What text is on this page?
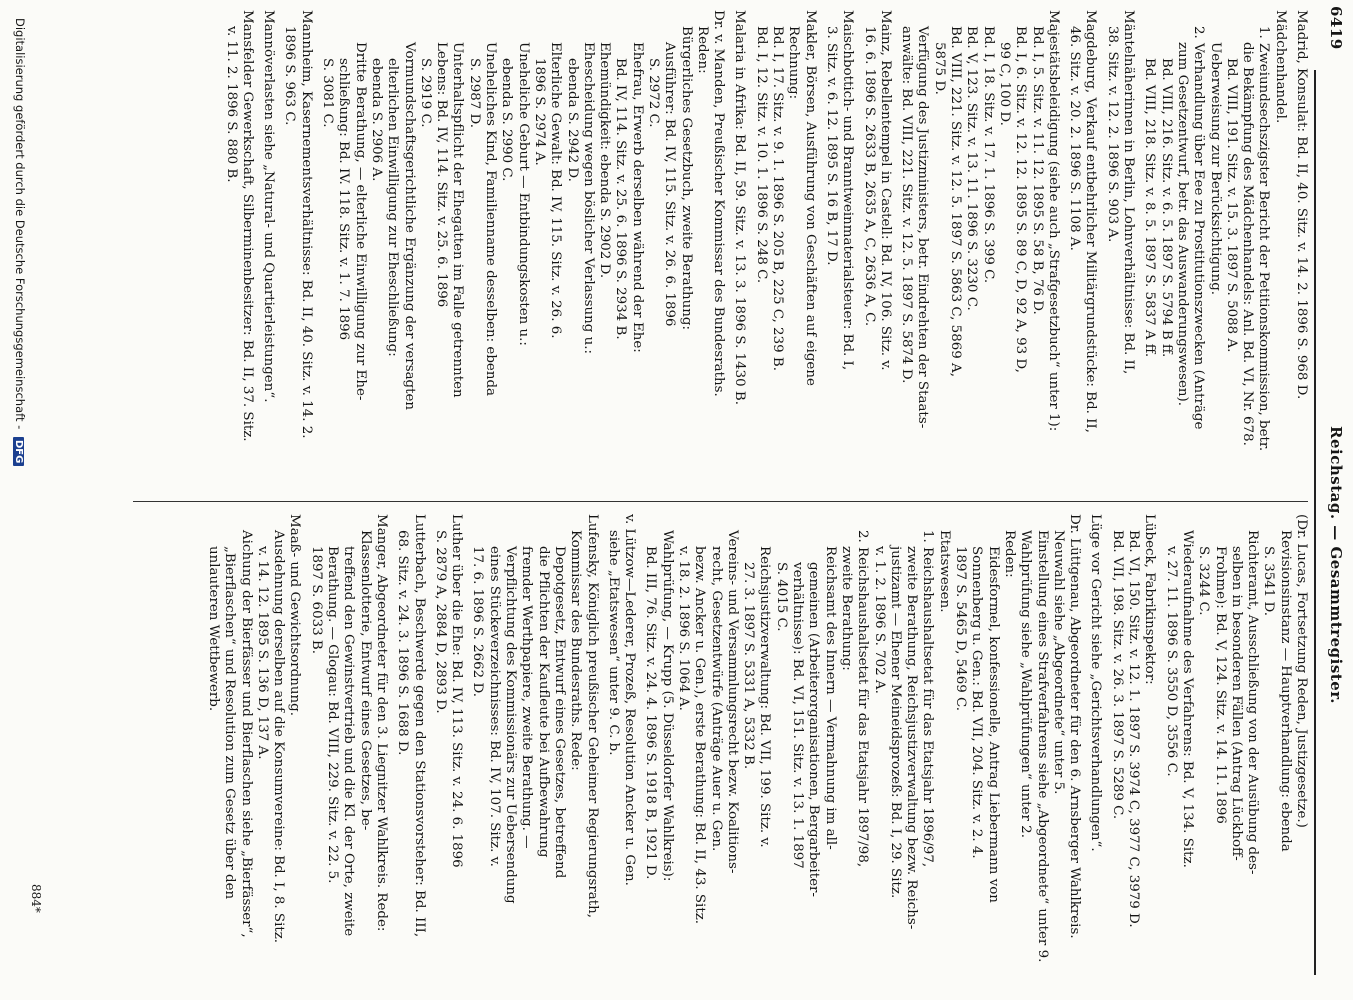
6419
Reichstag. — Gesammtregister.
Madrid, Konsulat: Bd. II, 40. Sitz. v. 14. 2. 1896 S. 968 D.
Mädchenhandel.
1. Zweiundsechszigster Bericht der Petitionskommission, betr.
die Bekämpfung des Mädchenhandels: Anl. Bd. VI, Nr. 678.
Bd. VIII, 191. Sitz. v. 15. 3. 1897 S. 5088 A.
Ueberweisung zur Berücksichtigung.
2. Verhandlung über Eee zu Prostitutionszwecken (Anträge
zum Gesetzentwurf, betr. das Auswanderungswesen).
Bd. VIII, 216. Sitz. v. 6. 5. 1897 S. 5794 B ff.
Bd. VIII, 218. Sitz. v. 8. 5. 1897 S. 5837 A ff.
Mäntelnäherinnen in Berlin, Lohnverhältnisse: Bd. II,
38. Sitz. v. 12. 2. 1896 S. 903 A.
Magdeburg, Verkauf entbehrlicher Militärgrundstücke: Bd. II,
46. Sitz. v. 20. 2. 1896 S. 1108 A.
Majestätsbeleidigung (siehe auch „Strafgesetzbuch“ unter 1):
Bd. I, 5. Sitz. v. 11. 12. 1895 S. 58 B, 76 D.
Bd. I, 6. Sitz. v. 12. 12. 1895 S. 89 C, D, 92 A, 93 D,
99 C, 100 D.
Bd. I, 18. Sitz. v. 17. 1. 1896 S. 399 C.
Bd. V, 123. Sitz. v. 13. 11. 1896 S. 3230 C.
Bd. VIII, 221. Sitz. v. 12. 5. 1897 S. 5863 C, 5869 A,
5875 D.
Verfügung des Justizministers, betr. Eindrehten der Staats-
anwälte: Bd. VIII, 221. Sitz. v. 12. 5. 1897 S. 5874 D.
Mainz, Rebellentempel in Castell: Bd. IV, 106. Sitz. v.
16. 6. 1896 S. 2633 B, 2635 A, C, 2636 A, C.
Maischbottich- und Branntweinmaterialsteuer: Bd. I,
3. Sitz. v. 6. 12. 1895 S. 16 B, 17 D.
Makler, Börsen, Ausführung von Geschäften auf eigene
Rechnung:
Bd. I, 17. Sitz. v. 9. 1. 1896 S. 205 B, 225 C, 239 B.
Bd. I, 12. Sitz. v. 10. 1. 1896 S. 248 C.
Malaria in Afrika: Bd. II, 59. Sitz. v. 13. 3. 1896 S. 1430 B.
Dr. v. Manden, Preußischer Kommissar des Bundesraths.
Reden:
Bürgerliches Gesetzbuch, zweite Berathung:
Ausführer: Bd. IV, 115. Sitz. v. 26. 6. 1896
S. 2972 C.
Ehefrau, Erwerb derselben während der Ehe:
Bd. IV, 114. Sitz. v. 25. 6. 1896 S. 2934 B.
Ehemündigkeit: ebenda S. 2902 D.
Ehescheidung wegen böslicher Verlassung u.:
ebenda S. 2942 D.
Elterliche Gewalt: Bd. IV, 115. Sitz. v. 26. 6.
1896 S. 2974 A.
Uneheliche Geburt — Entbindungskosten u.:
ebenda S. 2990 C.
Uneheliches Kind, Familienname desselben: ebenda
S. 2987 D.
Unterhaltspflicht der Ehegatten im Falle getrennten
Lebens: Bd. IV, 114. Sitz. v. 25. 6. 1896
S. 2919 C.
Vormundschaftsgerichtliche Ergänzung der versagten
elterlichen Einwilligung zur Eheschließung:
ebenda S. 2906 A.
Dritte Berathung, — elterliche Einwilligung zur Ehe-
schließung: Bd. IV. 118. Sitz. v. 1. 7. 1896
S. 3081 C.
Mannheim, Kasernementsverhältnisse: Bd. II, 40. Sitz. v. 14. 2.
1896 S. 963 C.
Mannöverlasten siehe „Natural- und Quartierleistungen“.
Mansfelder Gewerkschaft, Silberminenbesitzer: Bd. II, 37. Sitz.
v. 11. 2. 1896 S. 880 B.
(Dr. Lucas, Fortsetzung Reden, Justizgesetze.)
Revisionsinstanz — Hauptverhandlung: ebenda
S. 3541 D.
Richteramt, Ausschließung von der Ausübung des-
selben in besonderen Fällen (Antrag Lückhoff-
Frohme): Bd. V, 124. Sitz. v. 14. 11. 1896
S. 3244 C.
Wiederaufnahme des Verfahrens: Bd. V, 134. Sitz.
v. 27. 11. 1896 S. 3550 D, 3556 C.
Lübeck, Fabrikinspektor:
Bd. VI, 150. Sitz. v. 12. 1. 1897 S. 3974 C, 3977 C, 3979 D.
Bd. VII, 198. Sitz. v. 26. 3. 1897 S. 5289 C.
Lüge vor Gericht siehe „Gerichtsverhandlungen“.
Dr. Lüttgenau, Abgeordneter für den 6. Arnsberger Wahlkreis.
Neuwahl siehe „Abgeordnete“ unter 5.
Einstellung eines Strafverfahrens siehe „Abgeordnete“ unter 9.
Wahlprüfung siehe „Wahlprüfungen“ unter 2.
Reden:
Eidesformel, konfessionelle, Antrag Liebermann von
Sonnenberg u. Gen.: Bd. VII, 204. Sitz. v. 2. 4.
1897 S. 5465 D, 5469 C.
Etatswesen.
1. Reichshaushaltsetat für das Etatsjahr 1896/97,
zweite Berathung, Reichsjustizverwaltung bezw. Reichs-
justizamt — Ehener Meineidsprozeß: Bd. I, 29. Sitz.
v. 1. 2. 1896 S. 702 A.
2. Reichshaushaltsetat für das Etatsjahr 1897/98,
zweite Berathung:
Reichsamt des Innern — Vermahnung im all-
gemeinen (Arbeiterorganisationen, Bergarbeiter-
verhältnisse): Bd. VI, 151. Sitz. v. 13. 1. 1897
S. 4015 C.
Reichsjustizverwaltung: Bd. VII, 199. Sitz. v.
27. 3. 1897 S. 5331 A, 5332 B.
Vereins- und Versammlungsrecht bezw. Koalitions-
recht, Gesetzentwürfe (Anträge Auer u. Gen.
bezw. Ancker u. Gen.), erste Berathung: Bd. II, 43. Sitz.
v. 18. 2. 1896 S. 1064 A.
Wahlprüfung, — Krupp (5. Düsseldorfer Wahlkreis):
Bd. III, 76. Sitz. v. 24. 4. 1896 S. 1918 B, 1921 D.
v. Lützow—Lederer, Prozeß, Resolution Ancker u. Gen.
siehe „Etatswesen“ unter 9. C. b.
Lufensky, Königlich preußischer Geheimer Regierungsrath,
Kommissar des Bundesraths. Rede:
Depotgesetz, Entwurf eines Gesetzes, betreffend
die Pflichten der Kaufleute bei Aufbewahrung
fremder Werthpapiere, zweite Berathung. —
Verpflichtung des Kommissionärs zur Uebersendung
eines Stückeverzeichnisses: Bd. IV, 107. Sitz. v.
17. 6. 1896 S. 2662 D.
Luther über die Ehe: Bd. IV, 113. Sitz. v. 24. 6. 1896
S. 2879 A, 2884 D, 2893 D.
Lutterbach, Beschwerde gegen den Stationsvorsteher: Bd. III,
68. Sitz. v. 24. 3. 1896 S. 1688 D.
Manger, Abgeordneter für den 3. Liegnitzer Wahlkreis. Rede:
Klassenlotterie, Entwurf eines Gesetzes, be-
treffend den Gewinstvertrieb und die Kl. der Orte, zweite
Berathung. — Glogau: Bd. VIII, 229. Sitz. v. 22. 5.
1897 S. 6033 B.
Maaß- und Gewichtsordnung.
Ausdehnung derselben auf die Konsumvereine: Bd. I, 8. Sitz.
v. 14. 12. 1895 S. 136 D, 137 A.
Aichung der Bierfässer und Bierflaschen siehe „Bierfässer“,
„Bierflaschen“ und Resolution zum Gesetz über den
unlauteren Wettbewerb.
884*
Digitalisierung gefördert durch die Deutsche Forschungsgemeinschaft - DFG
